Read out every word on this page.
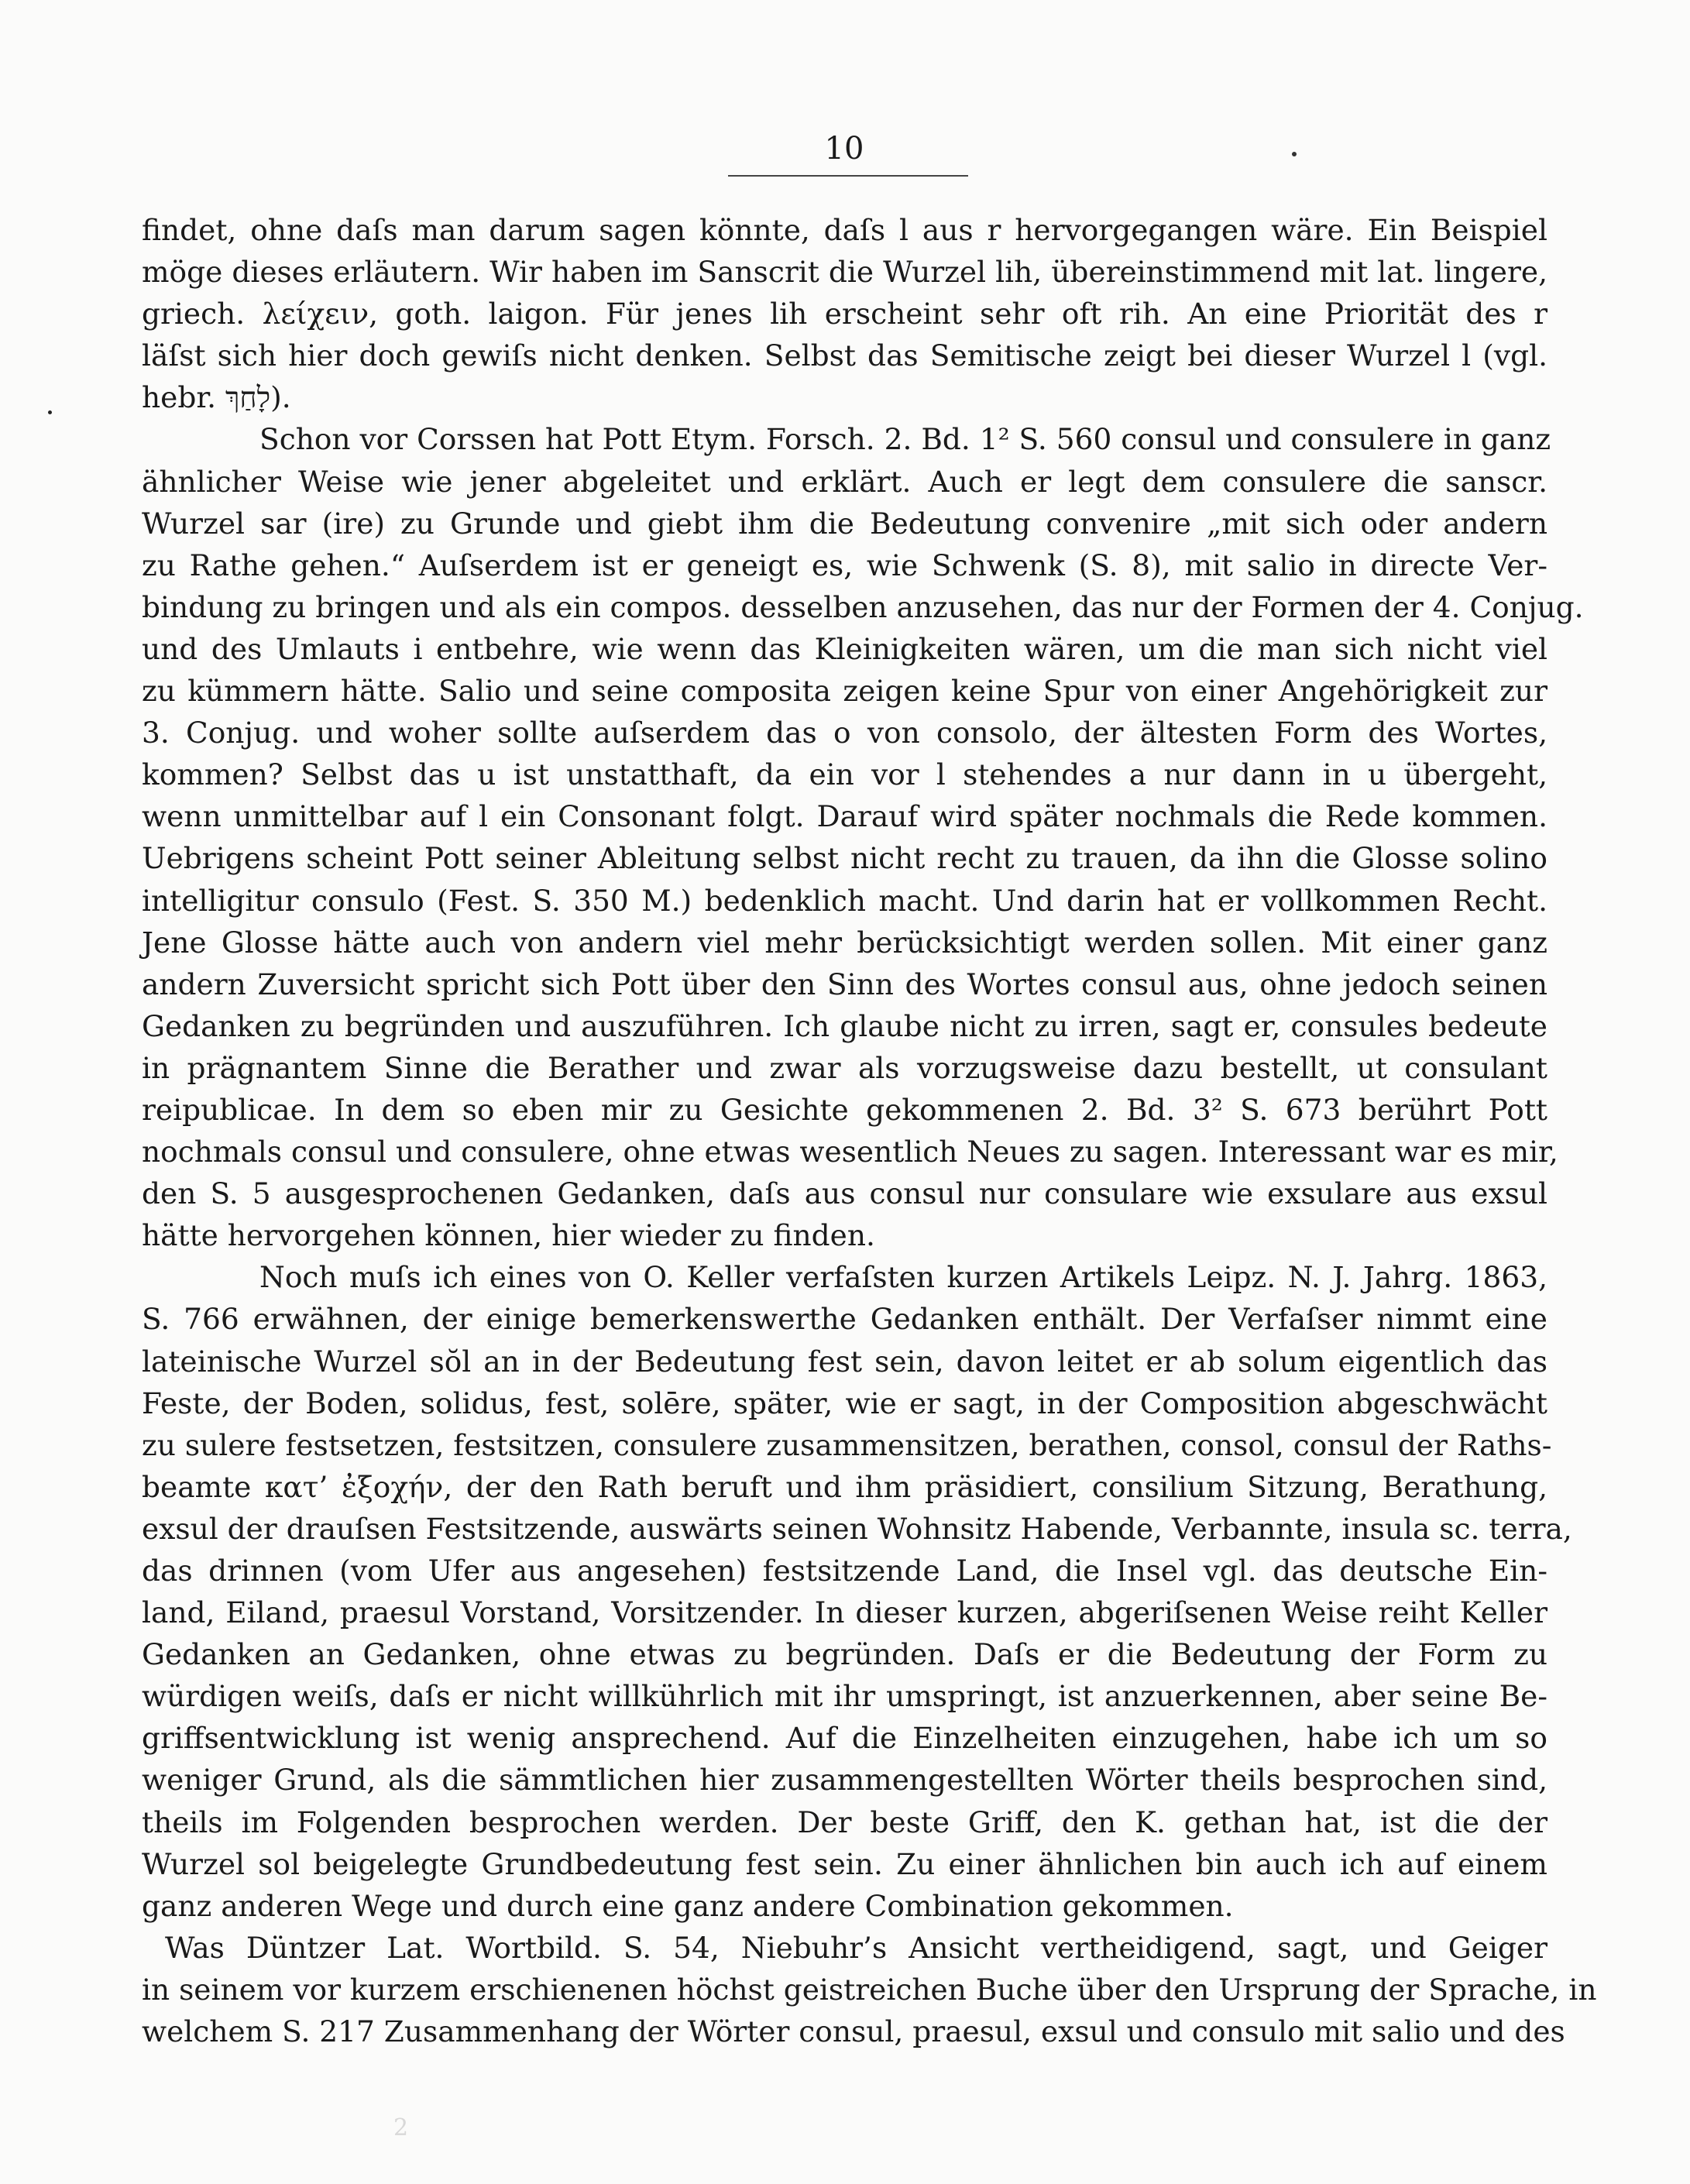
10
findet, ohne daſs man darum sagen könnte, daſs l aus r hervorgegangen wäre. Ein Beispiel
möge dieses erläutern. Wir haben im Sanscrit die Wurzel lih, übereinstimmend mit lat. lingere,
griech. λείχειν, goth. laigon. Für jenes lih erscheint sehr oft rih. An eine Priorität des r
läſst sich hier doch gewiſs nicht denken. Selbst das Semitische zeigt bei dieser Wurzel l (vgl.
hebr. לָחַךְ).
Schon vor Corssen hat Pott Etym. Forsch. 2. Bd. 1² S. 560 consul und consulere in ganz
ähnlicher Weise wie jener abgeleitet und erklärt. Auch er legt dem consulere die sanscr.
Wurzel sar (ire) zu Grunde und giebt ihm die Bedeutung convenire „mit sich oder andern
zu Rathe gehen.“ Auſserdem ist er geneigt es, wie Schwenk (S. 8), mit salio in directe Ver-
bindung zu bringen und als ein compos. desselben anzusehen, das nur der Formen der 4. Conjug.
und des Umlauts i entbehre, wie wenn das Kleinigkeiten wären, um die man sich nicht viel
zu kümmern hätte. Salio und seine composita zeigen keine Spur von einer Angehörigkeit zur
3. Conjug. und woher sollte auſserdem das o von consolo, der ältesten Form des Wortes,
kommen? Selbst das u ist unstatthaft, da ein vor l stehendes a nur dann in u übergeht,
wenn unmittelbar auf l ein Consonant folgt. Darauf wird später nochmals die Rede kommen.
Uebrigens scheint Pott seiner Ableitung selbst nicht recht zu trauen, da ihn die Glosse solino
intelligitur consulo (Fest. S. 350 M.) bedenklich macht. Und darin hat er vollkommen Recht.
Jene Glosse hätte auch von andern viel mehr berücksichtigt werden sollen. Mit einer ganz
andern Zuversicht spricht sich Pott über den Sinn des Wortes consul aus, ohne jedoch seinen
Gedanken zu begründen und auszuführen. Ich glaube nicht zu irren, sagt er, consules bedeute
in prägnantem Sinne die Berather und zwar als vorzugsweise dazu bestellt, ut consulant
reipublicae. In dem so eben mir zu Gesichte gekommenen 2. Bd. 3² S. 673 berührt Pott
nochmals consul und consulere, ohne etwas wesentlich Neues zu sagen. Interessant war es mir,
den S. 5 ausgesprochenen Gedanken, daſs aus consul nur consulare wie exsulare aus exsul
hätte hervorgehen können, hier wieder zu finden.
Noch muſs ich eines von O. Keller verfaſsten kurzen Artikels Leipz. N. J. Jahrg. 1863,
S. 766 erwähnen, der einige bemerkenswerthe Gedanken enthält. Der Verfaſser nimmt eine
lateinische Wurzel sŏl an in der Bedeutung fest sein, davon leitet er ab solum eigentlich das
Feste, der Boden, solidus, fest, solēre, später, wie er sagt, in der Composition abgeschwächt
zu sulere festsetzen, festsitzen, consulere zusammensitzen, berathen, consol, consul der Raths-
beamte κατ’ ἐξοχήν, der den Rath beruft und ihm präsidiert, consilium Sitzung, Berathung,
exsul der drauſsen Festsitzende, auswärts seinen Wohnsitz Habende, Verbannte, insula sc. terra,
das drinnen (vom Ufer aus angesehen) festsitzende Land, die Insel vgl. das deutsche Ein-
land, Eiland, praesul Vorstand, Vorsitzender. In dieser kurzen, abgeriſsenen Weise reiht Keller
Gedanken an Gedanken, ohne etwas zu begründen. Daſs er die Bedeutung der Form zu
würdigen weiſs, daſs er nicht willkührlich mit ihr umspringt, ist anzuerkennen, aber seine Be-
griffsentwicklung ist wenig ansprechend. Auf die Einzelheiten einzugehen, habe ich um so
weniger Grund, als die sämmtlichen hier zusammengestellten Wörter theils besprochen sind,
theils im Folgenden besprochen werden. Der beste Griff, den K. gethan hat, ist die der
Wurzel sol beigelegte Grundbedeutung fest sein. Zu einer ähnlichen bin auch ich auf einem
ganz anderen Wege und durch eine ganz andere Combination gekommen.
Was Düntzer Lat. Wortbild. S. 54, Niebuhr’s Ansicht vertheidigend, sagt, und Geiger
in seinem vor kurzem erschienenen höchst geistreichen Buche über den Ursprung der Sprache, in
welchem S. 217 Zusammenhang der Wörter consul, praesul, exsul und consulo mit salio und des
2
